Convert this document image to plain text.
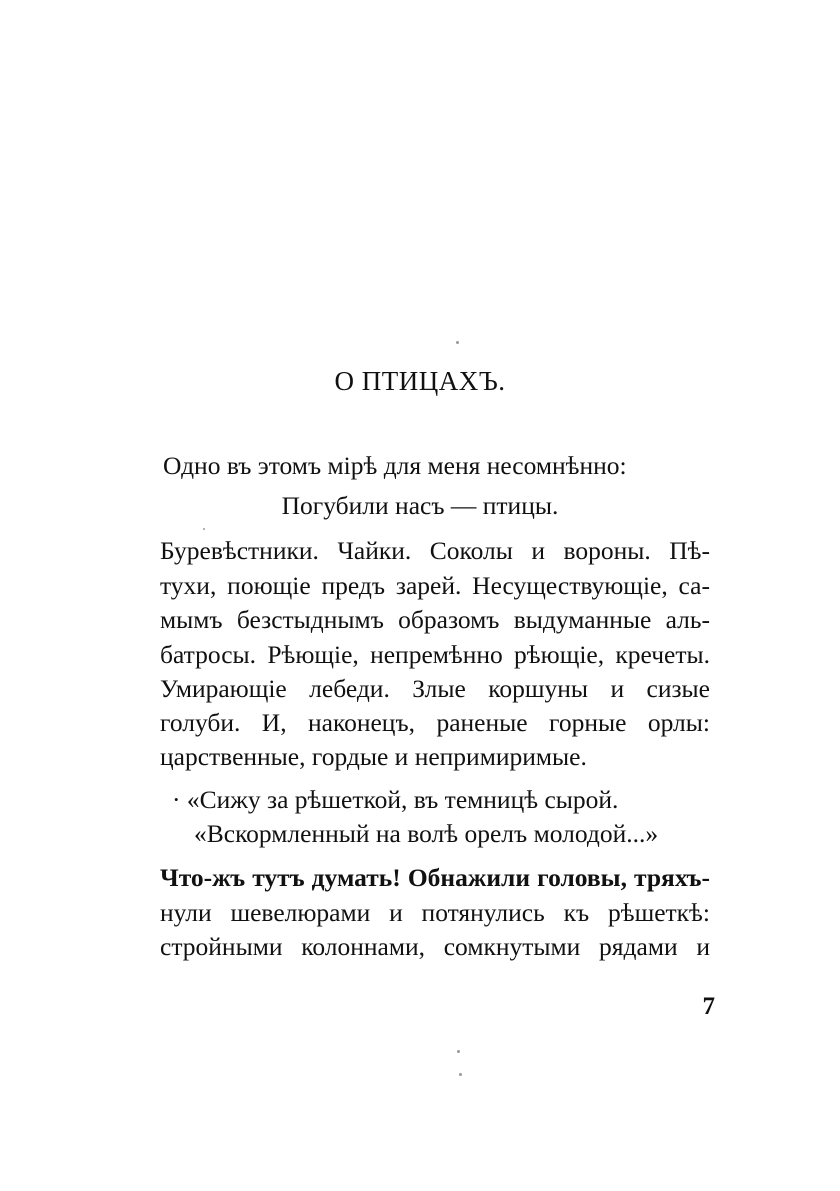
О ПТИЦАХЪ.
Одно въ этомъ мірѣ для меня несомнѣнно:
Погубили насъ — птицы.
Буревѣстники. Чайки. Соколы и вороны. Пѣ-
тухи, поющіе предъ зарей. Несуществующіе, са-
мымъ безстыднымъ образомъ выдуманные аль-
батросы. Рѣющіе, непремѣнно рѣющіе, кречеты.
Умирающіе лебеди. Злые коршуны и сизые
голуби. И, наконецъ, раненые горные орлы:
царственные, гордые и непримиримые.
· «Сижу за рѣшеткой, въ темницѣ сырой.
«Вскормленный на волѣ орелъ молодой...»
Что-жъ тутъ думать! Обнажили головы, тряхъ-
нули шевелюрами и потянулись къ рѣшеткѣ:
стройными колоннами, сомкнутыми рядами и
7
